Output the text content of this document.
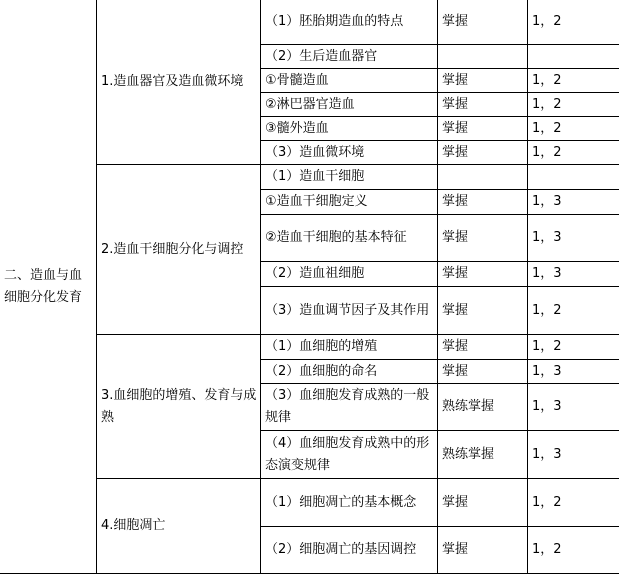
二、造血与血细胞分化发育	1.造血器官及造血微环境	（1）胚胎期造血的特点	掌握	1，2
		（2）生后造血器官		
		①骨髓造血	掌握	1，2
		②淋巴器官造血	掌握	1，2
		③髓外造血	掌握	1，2
		（3）造血微环境	掌握	1，2
	2.造血干细胞分化与调控	（1）造血干细胞		
		①造血干细胞定义	掌握	1，3
		②造血干细胞的基本特征	掌握	1，3
		（2）造血祖细胞	掌握	1，3
		（3）造血调节因子及其作用	掌握	1，2
	3.血细胞的增殖、发育与成熟	（1）血细胞的增殖	掌握	1，2
		（2）血细胞的命名	掌握	1，3
		（3）血细胞发育成熟的一般规律	熟练掌握	1，3
		（4）血细胞发育成熟中的形态演变规律	熟练掌握	1，3
	4.细胞凋亡	（1）细胞凋亡的基本概念	掌握	1，2
		（2）细胞凋亡的基因调控	掌握	1，2
